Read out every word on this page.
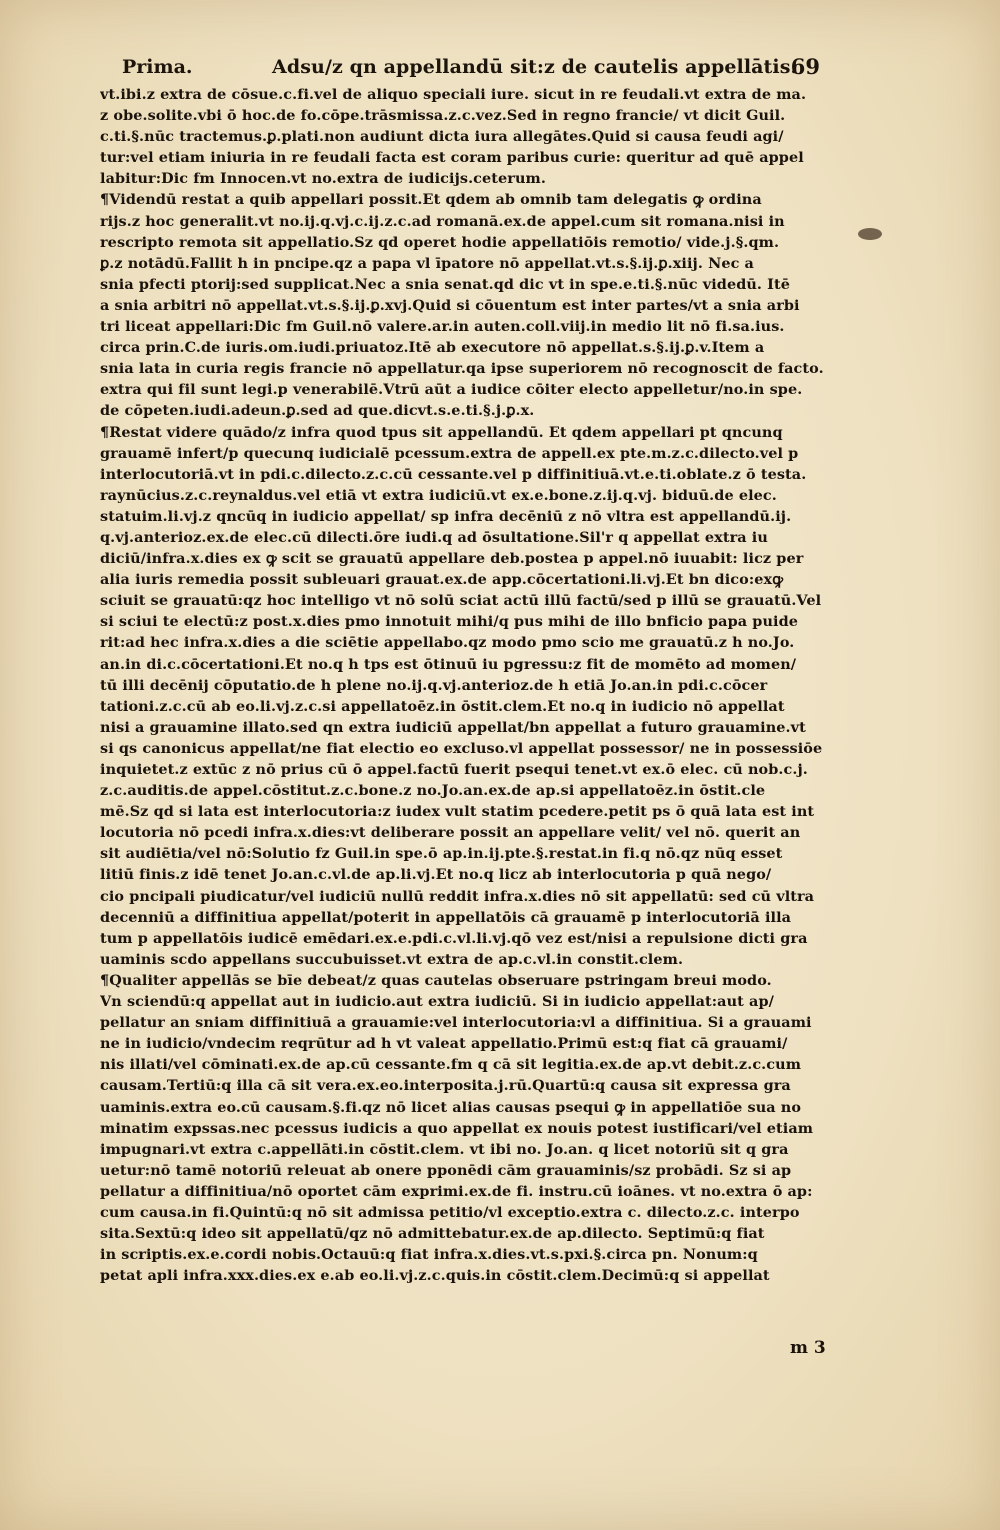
Prima.	Adsu/z qn appellandū sit:z de cautelis appellātis.
69
vt.ibi.z extra de cōsue.c.fi.vel de aliquo speciali iure. sicut in re feudali.vt extra de ma.
z obe.solite.vbi ō hoc.de fo.cōpe.trāsmissa.z.c.vez.Sed in regno francie/ vt dicit Guil.
c.ti.§.nūc tractemus.ꝑ.plati.non audiunt dicta iura allegātes.Quid si causa feudi agi/
tur:vel etiam iniuria in re feudali facta est coram paribus curie: queritur ad quē appel
labitur:Dic fm Innocen.vt no.extra de iudicijs.ceterum.
¶Videndū restat a quib appellari possit.Et qdem ab omnib tam delegatis ꝙ ordina
rijs.z hoc generalit.vt no.ij.q.vj.c.ij.z.c.ad romanā.ex.de appel.cum sit romana.nisi in
rescripto remota sit appellatio.Sz qd operet hodie appellatiōis remotio/ vide.j.§.qm.
ꝑ.z notādū.Fallit h in pncipe.qz a papa vl īpatore nō appellat.vt.s.§.ij.ꝑ.xiij. Nec a
snia pfecti ptorij:sed supplicat.Nec a snia senat.qd dic vt in spe.e.ti.§.nūc videdū. Itē
a snia arbitri nō appellat.vt.s.§.ij.ꝑ.xvj.Quid si cōuentum est inter partes/vt a snia arbi
tri liceat appellari:Dic fm Guil.nō valere.ar.in auten.coll.viij.in medio lit nō fi.sa.ius.
circa prin.C.de iuris.om.iudi.priuatoz.Itē ab executore nō appellat.s.§.ij.ꝑ.v.Item a
snia lata in curia regis francie nō appellatur.qa ipse superiorem nō recognoscit de facto.
extra qui fil sunt legi.p venerabilē.Vtrū aūt a iudice cōiter electo appelletur/no.in spe.
de cōpeten.iudi.adeun.ꝑ.sed ad que.dicvt.s.e.ti.§.j.ꝑ.x.
¶Restat videre quādo/z infra quod tpus sit appellandū. Et qdem appellari pt qncunq
grauamē infert/p quecunq iudicialē pcessum.extra de appell.ex pte.m.z.c.dilecto.vel p
interlocutoriā.vt in pdi.c.dilecto.z.c.cū cessante.vel p diffinitiuā.vt.e.ti.oblate.z ō testa.
raynūcius.z.c.reynaldus.vel etiā vt extra iudiciū.vt ex.e.bone.z.ij.q.vj. biduū.de elec.
statuim.li.vj.z qncūq in iudicio appellat/ sp infra decēniū z nō vltra est appellandū.ij.
q.vj.anterioz.ex.de elec.cū dilecti.ōre iudi.q ad ōsultatione.Sil'r q appellat extra iu
diciū/infra.x.dies ex ꝙ scit se grauatū appellare deb.postea p appel.nō iuuabit: licz per
alia iuris remedia possit subleuari grauat.ex.de app.cōcertationi.li.vj.Et bn dico:exꝙ
sciuit se grauatū:qz hoc intelligo vt nō solū sciat actū illū factū/sed p illū se grauatū.Vel
si sciui te electū:z post.x.dies pmo innotuit mihi/q pus mihi de illo bnficio papa puide
rit:ad hec infra.x.dies a die sciētie appellabo.qz modo pmo scio me grauatū.z h no.Jo.
an.in di.c.cōcertationi.Et no.q h tps est ōtinuū iu pgressu:z fit de momēto ad momen/
tū illi decēnij cōputatio.de h plene no.ij.q.vj.anterioz.de h etiā Jo.an.in pdi.c.cōcer
tationi.z.c.cū ab eo.li.vj.z.c.si appellatoēz.in ōstit.clem.Et no.q in iudicio nō appellat
nisi a grauamine illato.sed qn extra iudiciū appellat/bn appellat a futuro grauamine.vt
si qs canonicus appellat/ne fiat electio eo excluso.vl appellat possessor/ ne in possessiōe
inquietet.z extūc z nō prius cū ō appel.factū fuerit psequi tenet.vt ex.ō elec. cū nob.c.j.
z.c.auditis.de appel.cōstitut.z.c.bone.z no.Jo.an.ex.de ap.si appellatoēz.in ōstit.cle
mē.Sz qd si lata est interlocutoria:z iudex vult statim pcedere.petit ps ō quā lata est int
locutoria nō pcedi infra.x.dies:vt deliberare possit an appellare velit/ vel nō. querit an
sit audiētia/vel nō:Solutio fz Guil.in spe.ō ap.in.ij.pte.§.restat.in fi.q nō.qz nūq esset
litiū finis.z idē tenet Jo.an.c.vl.de ap.li.vj.Et no.q licz ab interlocutoria p quā nego/
cio pncipali piudicatur/vel iudiciū nullū reddit infra.x.dies nō sit appellatū: sed cū vltra
decenniū a diffinitiua appellat/poterit in appellatōis cā grauamē p interlocutoriā illa
tum p appellatōis iudicē emēdari.ex.e.pdi.c.vl.li.vj.qō vez est/nisi a repulsione dicti gra
uaminis scdo appellans succubuisset.vt extra de ap.c.vl.in constit.clem.
¶Qualiter appellās se bīe debeat/z quas cautelas obseruare pstringam breui modo.
Vn sciendū:q appellat aut in iudicio.aut extra iudiciū. Si in iudicio appellat:aut ap/
pellatur an sniam diffinitiuā a grauamie:vel interlocutoria:vl a diffinitiua. Si a grauami
ne in iudicio/vndecim reqrūtur ad h vt valeat appellatio.Primū est:q fiat cā grauami/
nis illati/vel cōminati.ex.de ap.cū cessante.fm q cā sit legitia.ex.de ap.vt debit.z.c.cum
causam.Tertiū:q illa cā sit vera.ex.eo.interposita.j.rū.Quartū:q causa sit expressa gra
uaminis.extra eo.cū causam.§.fi.qz nō licet alias causas psequi ꝙ in appellatiōe sua no
minatim expssas.nec pcessus iudicis a quo appellat ex nouis potest iustificari/vel etiam
impugnari.vt extra c.appellāti.in cōstit.clem. vt ibi no. Jo.an. q licet notoriū sit q gra
uetur:nō tamē notoriū releuat ab onere pponēdi cām grauaminis/sz probādi. Sz si ap
pellatur a diffinitiua/nō oportet cām exprimi.ex.de fi. instru.cū ioānes. vt no.extra ō ap:
cum causa.in fi.Quintū:q nō sit admissa petitio/vl exceptio.extra c. dilecto.z.c. interpo
sita.Sextū:q ideo sit appellatū/qz nō admittebatur.ex.de ap.dilecto. Septimū:q fiat
in scriptis.ex.e.cordi nobis.Octauū:q fiat infra.x.dies.vt.s.pxi.§.circa pn. Nonum:q
petat apli infra.xxx.dies.ex e.ab eo.li.vj.z.c.quis.in cōstit.clem.Decimū:q si appellat
m 3
